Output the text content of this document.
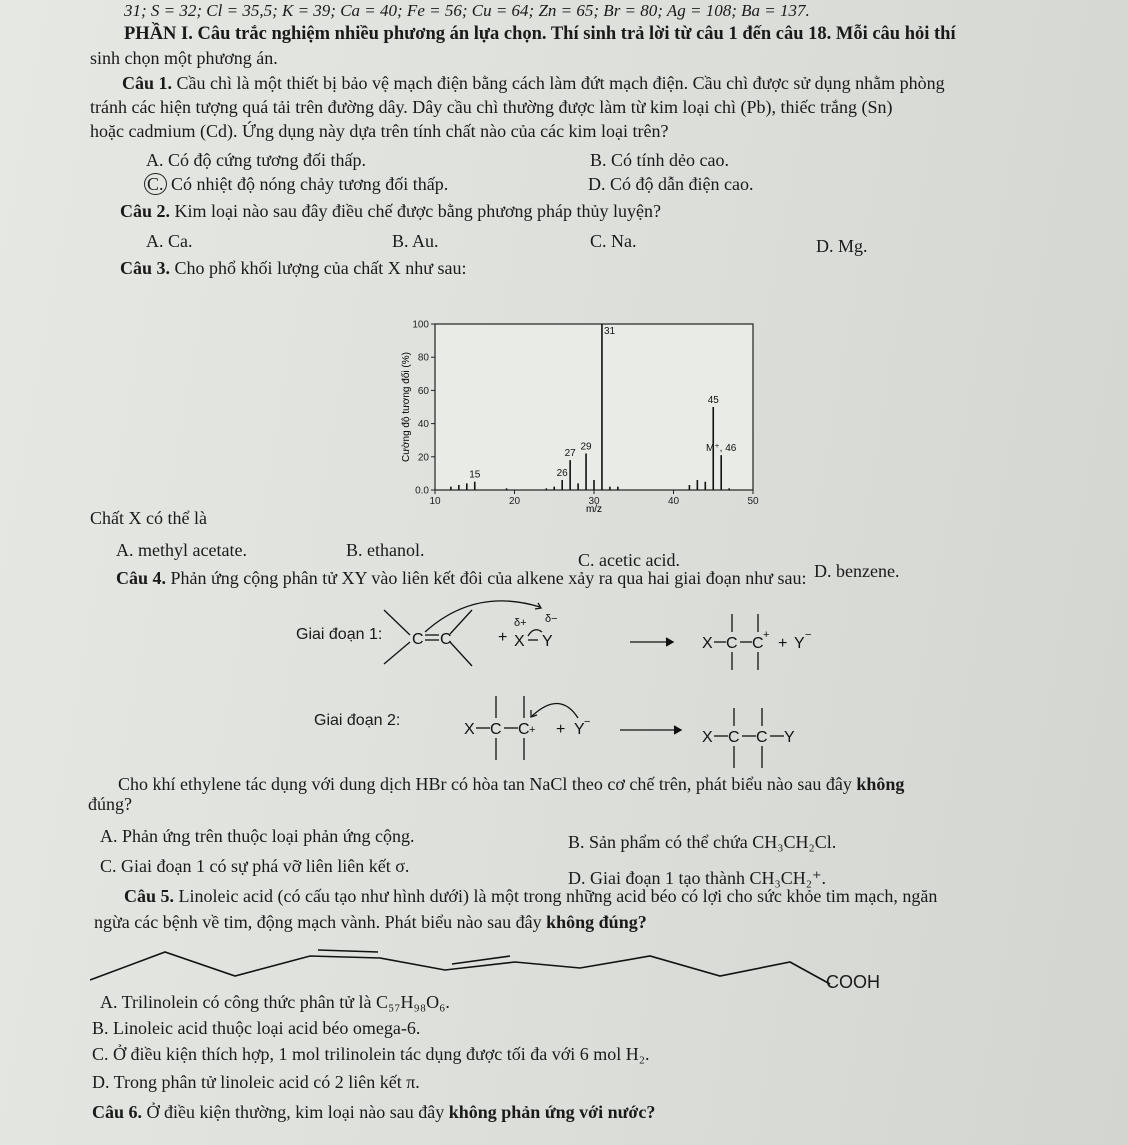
31; S = 32; Cl = 35,5; K = 39; Ca = 40; Fe = 56; Cu = 64; Zn = 65; Br = 80; Ag = 108; Ba = 137.
PHẦN I. Câu trắc nghiệm nhiều phương án lựa chọn. Thí sinh trả lời từ câu 1 đến câu 18. Mỗi câu hỏi thí
sinh chọn một phương án.
Câu 1. Cầu chì là một thiết bị bảo vệ mạch điện bằng cách làm đứt mạch điện. Cầu chì được sử dụng nhằm phòng
tránh các hiện tượng quá tải trên đường dây. Dây cầu chì thường được làm từ kim loại chì (Pb), thiếc trắng (Sn)
hoặc cadmium (Cd). Ứng dụng này dựa trên tính chất nào của các kim loại trên?
A. Có độ cứng tương đối thấp.	B. Có tính dẻo cao.
C. Có nhiệt độ nóng chảy tương đối thấp.	D. Có độ dẫn điện cao.
Câu 2. Kim loại nào sau đây điều chế được bằng phương pháp thủy luyện?
A. Ca.	B. Au.	C. Na.	D. Mg.
Câu 3. Cho phổ khối lượng của chất X như sau:
0.0
20
40
60
80
100
10	20	30	40	50
15	26
27
29
31
45
M⁺, 46
Cường độ tương đối (%)
m/z
Chất X có thể là
A. methyl acetate.	B. ethanol.	C. acetic acid.
D. benzene.
Câu 4. Phản ứng cộng phân tử XY vào liên kết đôi của alkene xảy ra qua hai giai đoạn như sau:
Giai đoạn 1:
Giai đoạn 2:
C C	+
δ+
X
δ−
Y	X C C + + Y −
X C C + + Y −
X C C Y
Cho khí ethylene tác dụng với dung dịch HBr có hòa tan NaCl theo cơ chế trên, phát biểu nào sau đây không
đúng?
A. Phản ứng trên thuộc loại phản ứng cộng.	B. Sản phẩm có thể chứa CH₃CH₂Cl.
C. Giai đoạn 1 có sự phá vỡ liên liên kết σ.
D. Giai đoạn 1 tạo thành CH₃CH₂⁺.
Câu 5. Linoleic acid (có cấu tạo như hình dưới) là một trong những acid béo có lợi cho sức khỏe tim mạch, ngăn
ngừa các bệnh về tim, động mạch vành. Phát biểu nào sau đây không đúng?
COOH
A. Trilinolein có công thức phân tử là C₅₇H₉₈O₆.
B. Linoleic acid thuộc loại acid béo omega-6.
C. Ở điều kiện thích hợp, 1 mol trilinolein tác dụng được tối đa với 6 mol H₂.
D. Trong phân tử linoleic acid có 2 liên kết π.
Câu 6. Ở điều kiện thường, kim loại nào sau đây không phản ứng với nước?
